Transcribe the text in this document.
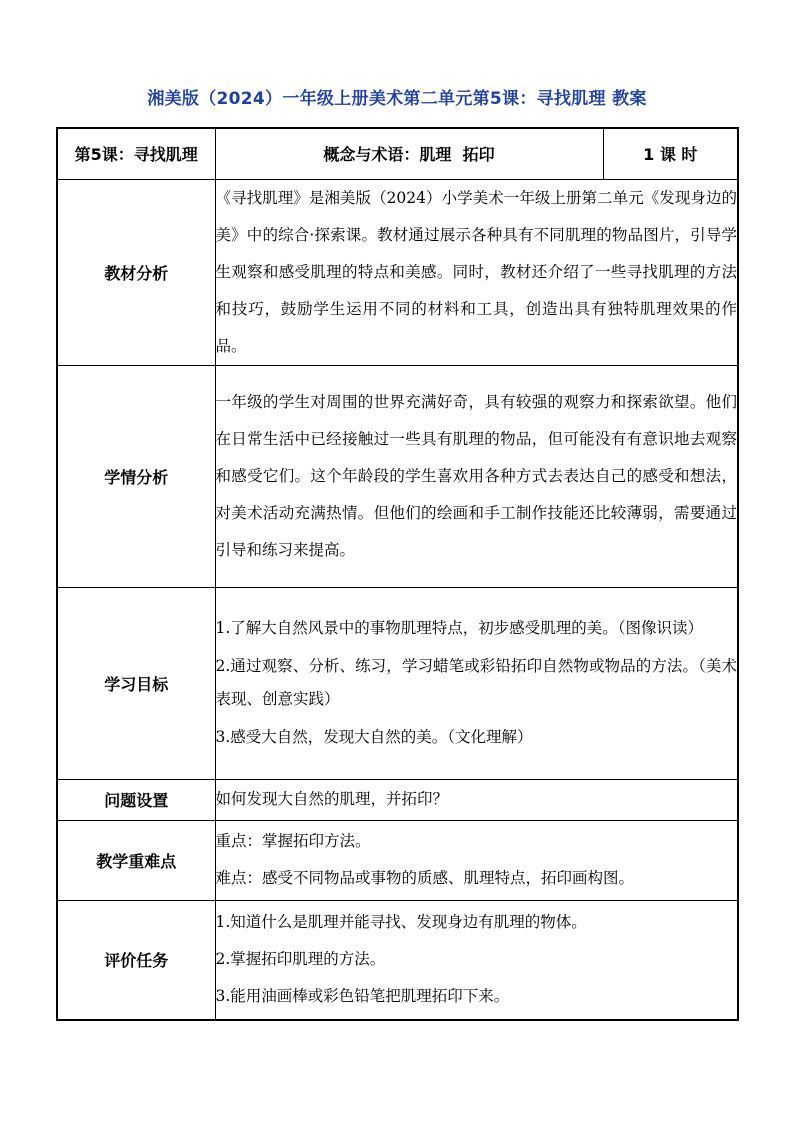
湘美版（2024）一年级上册美术第二单元第5课：寻找肌理 教案
第5课：寻找肌理	概念与术语：肌理  拓印	1 课 时
教材分析	《寻找肌理》是湘美版（2024）小学美术一年级上册第二单元《发现身边的美》中的综合·探索课。教材通过展示各种具有不同肌理的物品图片，引导学生观察和感受肌理的特点和美感。同时，教材还介绍了一些寻找肌理的方法和技巧，鼓励学生运用不同的材料和工具，创造出具有独特肌理效果的作品。	
学情分析	一年级的学生对周围的世界充满好奇，具有较强的观察力和探索欲望。他们在日常生活中已经接触过一些具有肌理的物品，但可能没有有意识地去观察和感受它们。这个年龄段的学生喜欢用各种方式去表达自己的感受和想法，对美术活动充满热情。但他们的绘画和手工制作技能还比较薄弱，需要通过引导和练习来提高。	
学习目标	1.了解大自然风景中的事物肌理特点，初步感受肌理的美。（图像识读）
2.通过观察、分析、练习，学习蜡笔或彩铅拓印自然物或物品的方法。（美术表现、创意实践）
3.感受大自然，发现大自然的美。（文化理解）	

问题设置	如何发现大自然的肌理，并拓印？	
教学重难点	重点：掌握拓印方法。
难点：感受不同物品或事物的质感、肌理特点，拓印画构图。	

评价任务	1.知道什么是肌理并能寻找、发现身边有肌理的物体。
2.掌握拓印肌理的方法。
3.能用油画棒或彩色铅笔把肌理拓印下来。	
